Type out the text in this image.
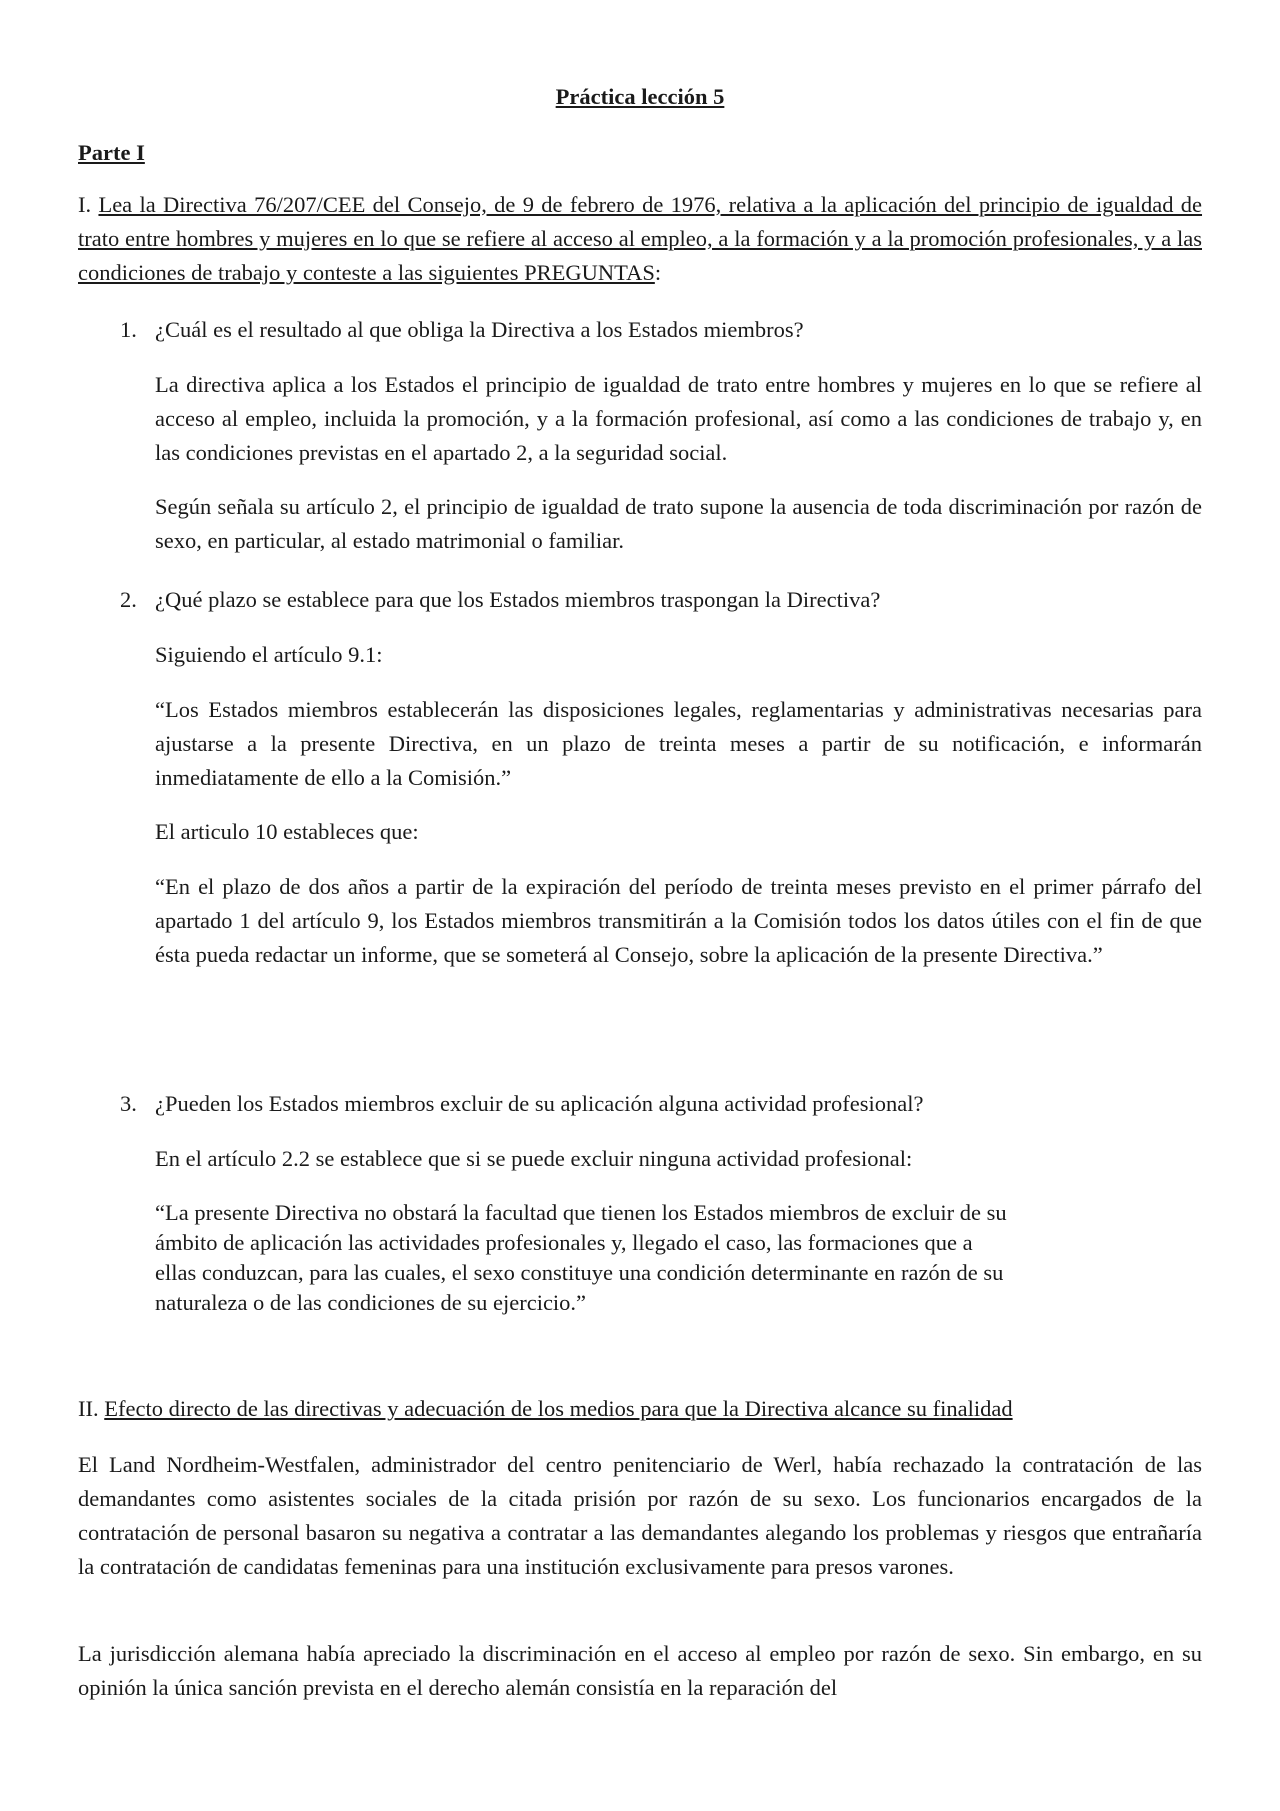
Práctica lección 5
Parte I

I. Lea la Directiva 76/207/CEE del Consejo, de 9 de febrero de 1976, relativa a la aplicación del principio de igualdad de trato entre hombres y mujeres en lo que se refiere al acceso al empleo, a la formación y a la promoción profesionales, y a las condiciones de trabajo y conteste a las siguientes PREGUNTAS:

1. ¿Cuál es el resultado al que obliga la Directiva a los Estados miembros?

La directiva aplica a los Estados el principio de igualdad de trato entre hombres y mujeres en lo que se refiere al acceso al empleo, incluida la promoción, y a la formación profesional, así como a las condiciones de trabajo y, en las condiciones previstas en el apartado 2, a la seguridad social.

Según señala su artículo 2, el principio de igualdad de trato supone la ausencia de toda discriminación por razón de sexo, en particular, al estado matrimonial o familiar.

2. ¿Qué plazo se establece para que los Estados miembros traspongan la Directiva?

Siguiendo el artículo 9.1:

“Los Estados miembros establecerán las disposiciones legales, reglamentarias y administrativas necesarias para ajustarse a la presente Directiva, en un plazo de treinta meses a partir de su notificación, e informarán inmediatamente de ello a la Comisión.”

El articulo 10 estableces que:

“En el plazo de dos años a partir de la expiración del período de treinta meses previsto en el primer párrafo del apartado 1 del artículo 9, los Estados miembros transmitirán a la Comisión todos los datos útiles con el fin de que ésta pueda redactar un informe, que se someterá al Consejo, sobre la aplicación de la presente Directiva.”

3. ¿Pueden los Estados miembros excluir de su aplicación alguna actividad profesional?

En el artículo 2.2 se establece que si se puede excluir ninguna actividad profesional:

“La presente Directiva no obstará la facultad que tienen los Estados miembros de excluir de su
ámbito de aplicación las actividades profesionales y, llegado el caso, las formaciones que a
ellas conduzcan, para las cuales, el sexo constituye una condición determinante en razón de su
naturaleza o de las condiciones de su ejercicio.”

II. Efecto directo de las directivas y adecuación de los medios para que la Directiva alcance su finalidad

El Land Nordheim-Westfalen, administrador del centro penitenciario de Werl, había rechazado la contratación de las demandantes como asistentes sociales de la citada prisión por razón de su sexo. Los funcionarios encargados de la contratación de personal basaron su negativa a contratar a las demandantes alegando los problemas y riesgos que entrañaría la contratación de candidatas femeninas para una institución exclusivamente para presos varones.

La jurisdicción alemana había apreciado la discriminación en el acceso al empleo por razón de sexo. Sin embargo, en su opinión la única sanción prevista en el derecho alemán consistía en la reparación del
